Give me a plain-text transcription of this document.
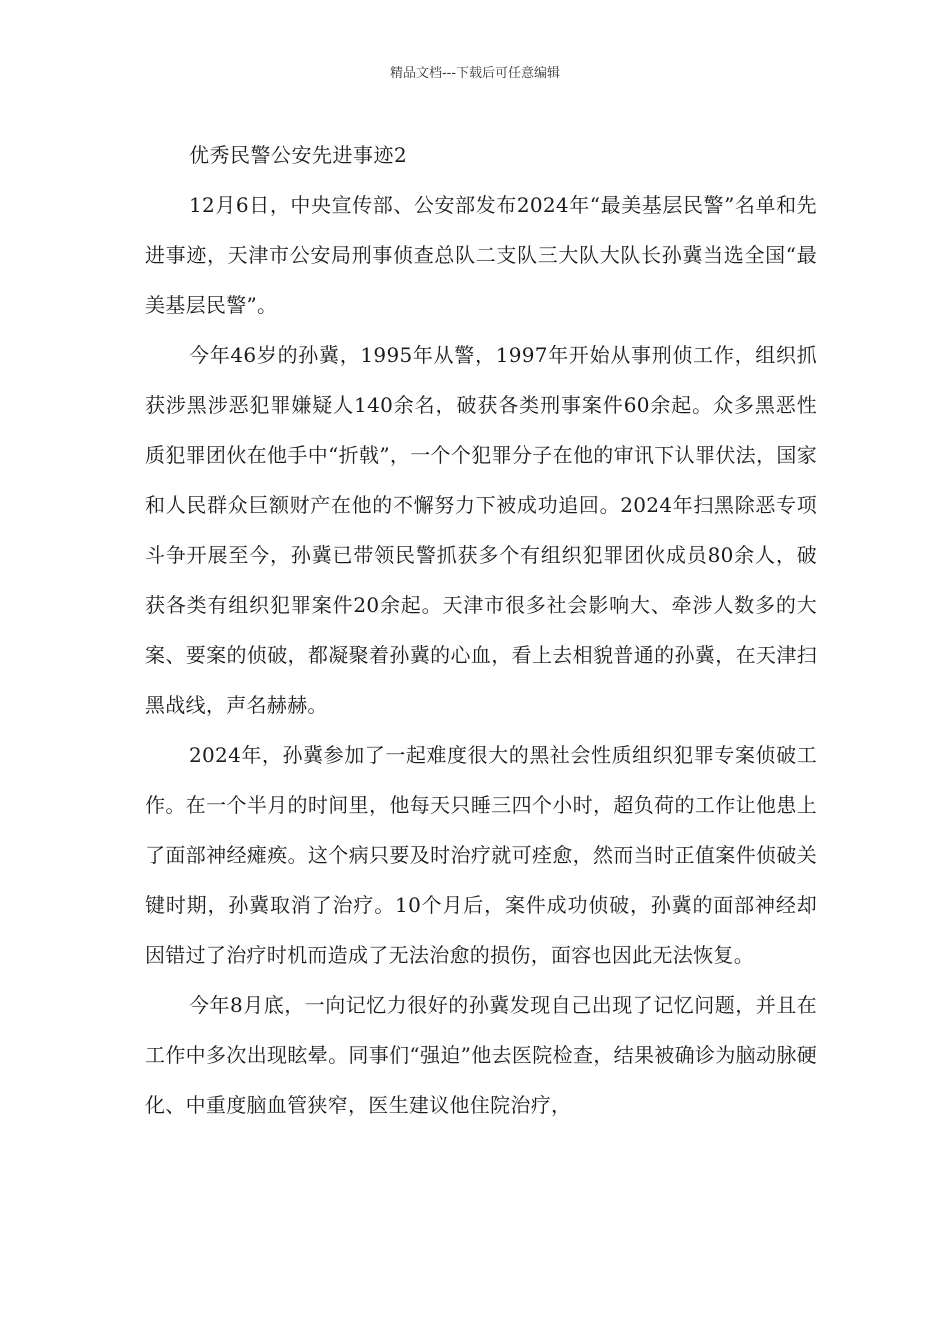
精品文档---下载后可任意编辑

优秀民警公安先进事迹2

12月6日，中央宣传部、公安部发布2024年“最美基层民警”名单和先进事迹，天津市公安局刑事侦查总队二支队三大队大队长孙冀当选全国“最美基层民警”。

今年46岁的孙冀，1995年从警，1997年开始从事刑侦工作，组织抓获涉黑涉恶犯罪嫌疑人140余名，破获各类刑事案件60余起。众多黑恶性质犯罪团伙在他手中“折戟”，一个个犯罪分子在他的审讯下认罪伏法，国家和人民群众巨额财产在他的不懈努力下被成功追回。2024年扫黑除恶专项斗争开展至今，孙冀已带领民警抓获多个有组织犯罪团伙成员80余人，破获各类有组织犯罪案件20余起。天津市很多社会影响大、牵涉人数多的大案、要案的侦破，都凝聚着孙冀的心血，看上去相貌普通的孙冀，在天津扫黑战线，声名赫赫。

2024年，孙冀参加了一起难度很大的黑社会性质组织犯罪专案侦破工作。在一个半月的时间里，他每天只睡三四个小时，超负荷的工作让他患上了面部神经瘫痪。这个病只要及时治疗就可痊愈，然而当时正值案件侦破关键时期，孙冀取消了治疗。10个月后，案件成功侦破，孙冀的面部神经却因错过了治疗时机而造成了无法治愈的损伤，面容也因此无法恢复。

今年8月底，一向记忆力很好的孙冀发现自己出现了记忆问题，并且在工作中多次出现眩晕。同事们“强迫”他去医院检查，结果被确诊为脑动脉硬化、中重度脑血管狭窄，医生建议他住院治疗，
